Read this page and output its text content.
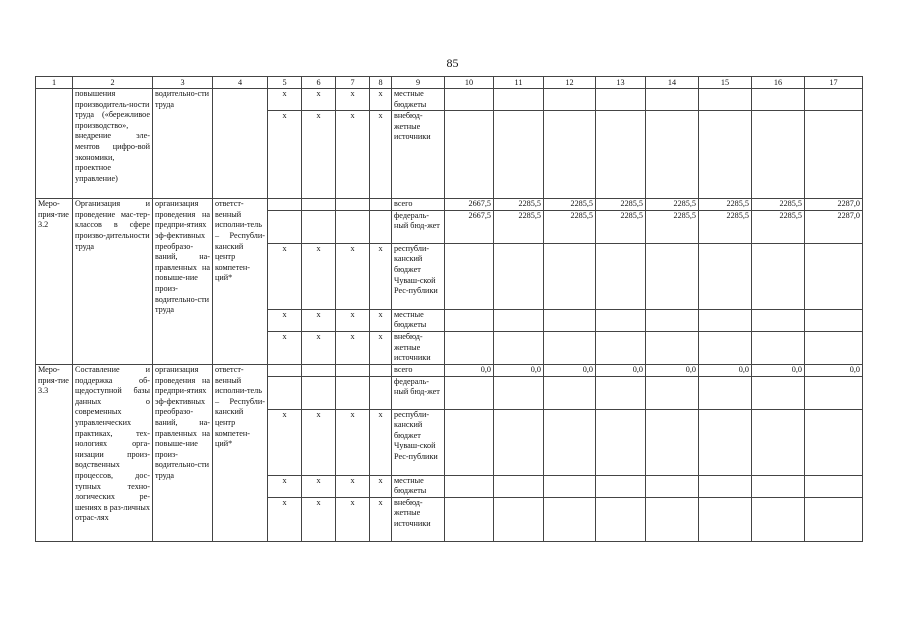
85
1	2	3	4	5	6	7	8	9	10	11	12	13	14	15	16	17
	повышения производитель-ности труда («бережливое производство», внедрение эле-ментов цифро-вой экономики, проектное управление)	водительно-сти труда		x	x	x	x	местные бюджеты								
				x	x	x	x	внебюд-жетные источники								
Меро-прия-тие 3.2	Организация и проведение мас-тер-классов в сфере произво-дительности труда	организация проведения на предпри-ятиях эф-фективных преобразо-ваний, на-правленных на повыше-ние произ-водительно-сти труда	ответст-венный исполни-тель – Республи-канский центр компетен-ций*					всего	2667,5	2285,5	2285,5	2285,5	2285,5	2285,5	2285,5	2287,0
								федераль-ный бюд-жет	2667,5	2285,5	2285,5	2285,5	2285,5	2285,5	2285,5	2287,0
				x	x	x	x	республи-канский бюджет Чуваш-ской Рес-публики								
				x	x	x	x	местные бюджеты								
				x	x	x	x	внебюд-жетные источники								
Меро-прия-тие 3.3	Составление и поддержка об-щедоступной базы данных о современных управленческих практиках, тех-нологиях орга-низации произ-водственных процессов, дос-тупных техно-логических ре-шениях в раз-личных отрас-лях	организация проведения на предпри-ятиях эф-фективных преобразо-ваний, на-правленных на повыше-ние произ-водительно-сти труда	ответст-венный исполни-тель – Республи-канский центр компетен-ций*					всего	0,0	0,0	0,0	0,0	0,0	0,0	0,0	0,0
								федераль-ный бюд-жет								
				x	x	x	x	республи-канский бюджет Чуваш-ской Рес-публики								
				x	x	x	x	местные бюджеты								
				x	x	x	x	внебюд-жетные источники								
